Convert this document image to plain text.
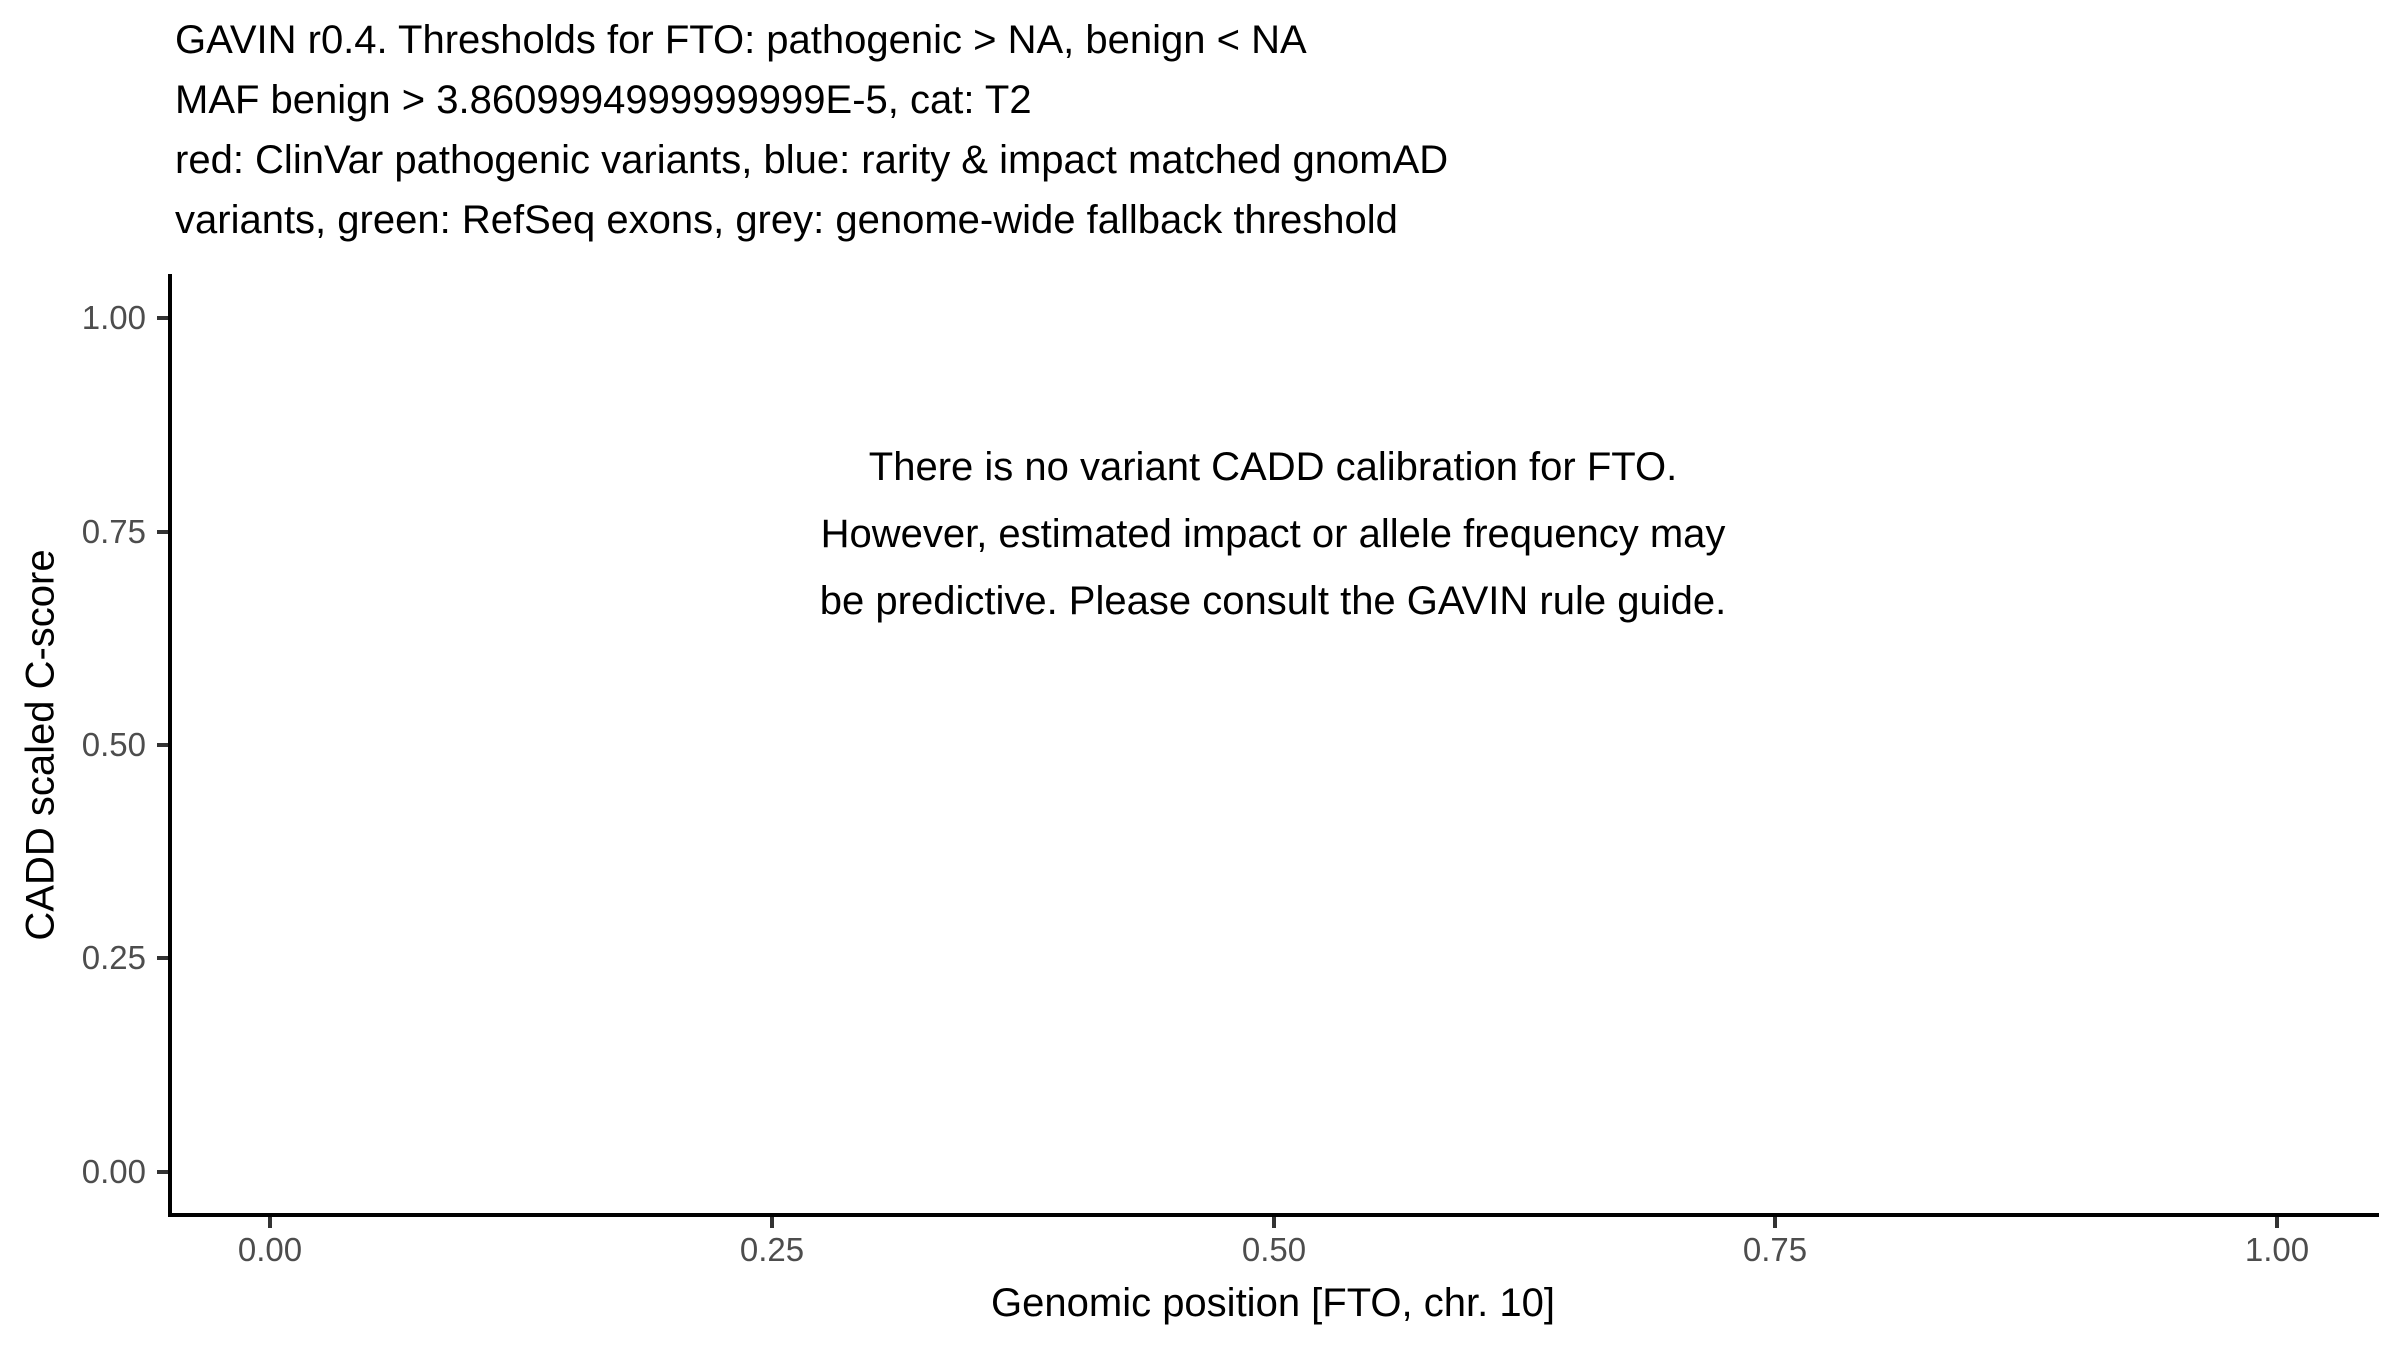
GAVIN r0.4. Thresholds for FTO: pathogenic > NA, benign < NA
MAF benign > 3.8609994999999999E-5, cat: T2
red: ClinVar pathogenic variants, blue: rarity & impact matched gnomAD
variants, green: RefSeq exons, grey: genome-wide fallback threshold
1.00
0.75
0.50
0.25
0.00
0.00	0.25	0.50	0.75	1.00
There is no variant CADD calibration for FTO.
However, estimated impact or allele frequency may
be predictive. Please consult the GAVIN rule guide.
Genomic position [FTO, chr. 10]
CADD scaled C-score
